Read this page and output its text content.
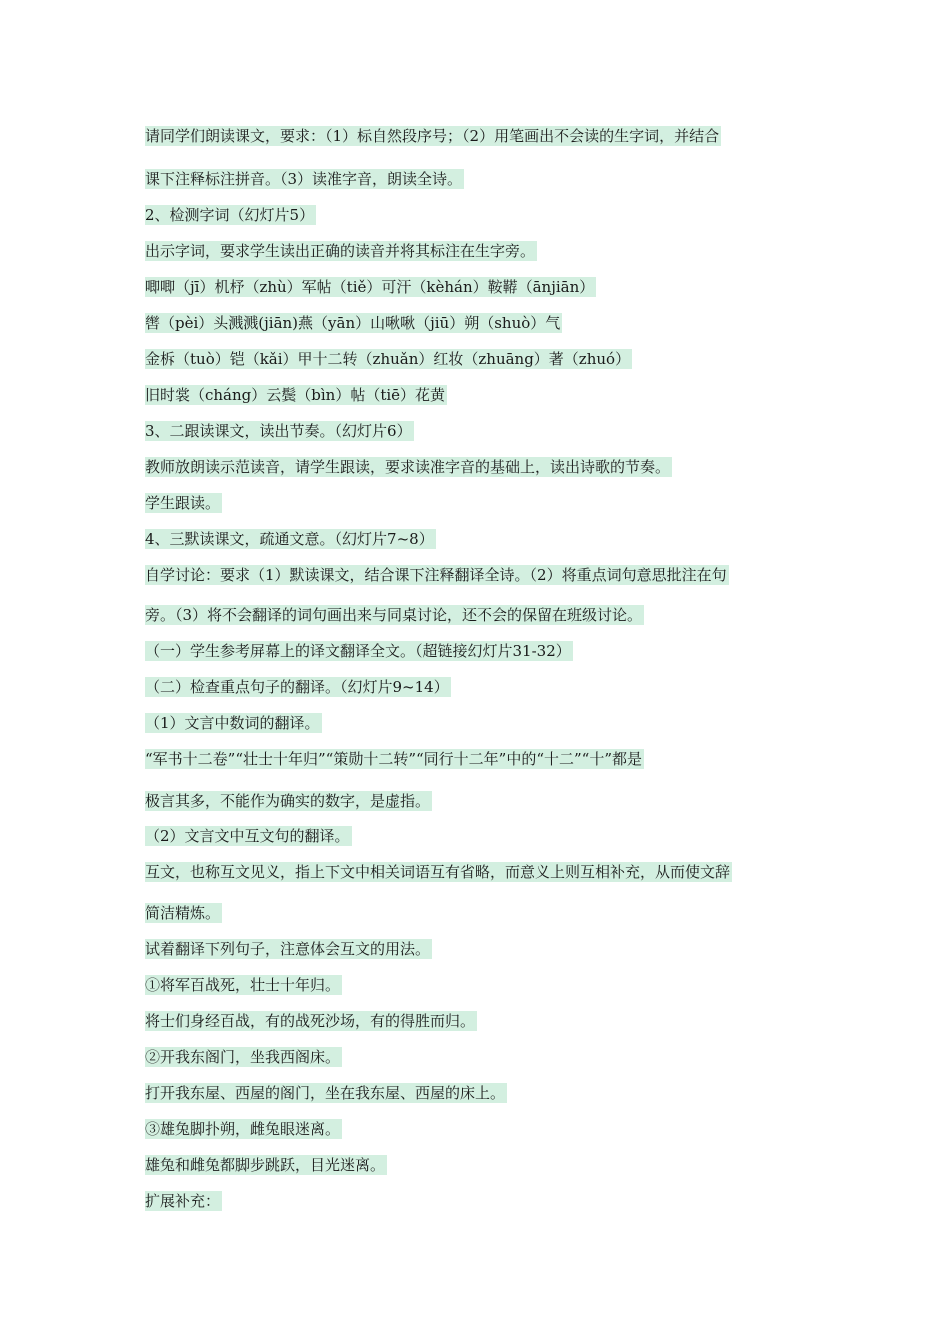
请同学们朗读课文，要求：（1）标自然段序号；（2）用笔画出不会读的生字词，并结合

课下注释标注拼音。（3）读准字音，朗读全诗。

2、检测字词（幻灯片5）

出示字词，要求学生读出正确的读音并将其标注在生字旁。

唧唧（jī）机杼（zhù）军帖（tiě）可汗（kèhán）鞍鞯（ānjiān）

辔（pèi）头溅溅(jiān)燕（yān）山啾啾（jiū）朔（shuò）气

金柝（tuò）铠（kǎi）甲十二转（zhuǎn）红妆（zhuāng）著（zhuó）

旧时裳（cháng）云鬓（bìn）帖（tiē）花黄

3、二跟读课文，读出节奏。（幻灯片6）

教师放朗读示范读音，请学生跟读，要求读准字音的基础上，读出诗歌的节奏。

学生跟读。

4、三默读课文，疏通文意。（幻灯片7~8）

自学讨论：要求（1）默读课文，结合课下注释翻译全诗。（2）将重点词句意思批注在句

旁。（3）将不会翻译的词句画出来与同桌讨论，还不会的保留在班级讨论。

（一）学生参考屏幕上的译文翻译全文。（超链接幻灯片31-32）

（二）检查重点句子的翻译。（幻灯片9~14）

（1）文言中数词的翻译。

“军书十二卷”“壮士十年归”“策勋十二转”“同行十二年”中的“十二”“十”都是

极言其多，不能作为确实的数字，是虚指。

（2）文言文中互文句的翻译。

互文，也称互文见义，指上下文中相关词语互有省略，而意义上则互相补充，从而使文辞

简洁精炼。

试着翻译下列句子，注意体会互文的用法。

①将军百战死，壮士十年归。

将士们身经百战，有的战死沙场，有的得胜而归。

②开我东阁门，坐我西阁床。

打开我东屋、西屋的阁门，坐在我东屋、西屋的床上。

③雄兔脚扑朔，雌兔眼迷离。

雄兔和雌兔都脚步跳跃，目光迷离。

扩展补充：
